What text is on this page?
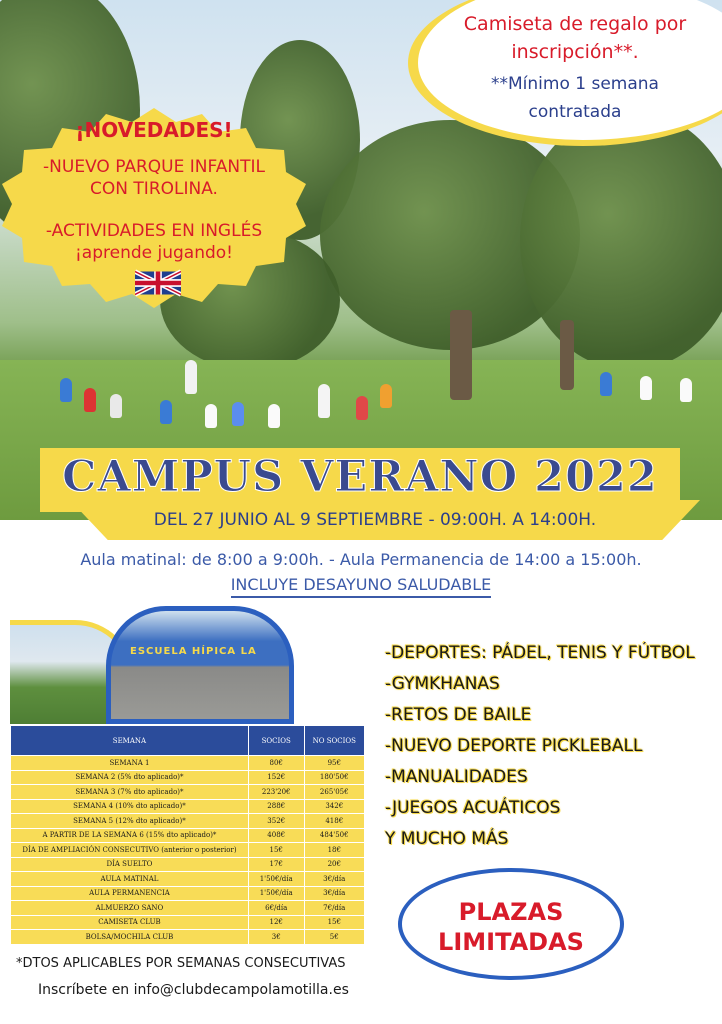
Camiseta de regalo por
inscripción**.
**Mínimo 1 semana
contratada
¡NOVEDADES!
-NUEVO PARQUE INFANTIL
CON TIROLINA.
-ACTIVIDADES EN INGLÉS
¡aprende jugando!
CAMPUS VERANO 2022
DEL 27 JUNIO AL 9 SEPTIEMBRE - 09:00H. A 14:00H.
Aula matinal: de 8:00 a 9:00h. - Aula Permanencia de 14:00 a 15:00h.
INCLUYE DESAYUNO SALUDABLE
ESCUELA HÍPICA LA
SEMANA	SOCIOS	NO SOCIOS
SEMANA 1	80€	95€
SEMANA 2 (5% dto aplicado)*	152€	180'50€
SEMANA 3 (7% dto aplicado)*	223'20€	265'05€
SEMANA 4 (10% dto aplicado)*	288€	342€
SEMANA 5 (12% dto aplicado)*	352€	418€
A PARTIR DE LA SEMANA 6 (15% dto aplicado)*	408€	484'50€
DÍA DE AMPLIACIÓN CONSECUTIVO (anterior o posterior)	15€	18€
DÍA SUELTO	17€	20€
AULA MATINAL	1'50€/día	3€/día
AULA PERMANENCIA	1'50€/día	3€/día
ALMUERZO SANO	6€/día	7€/día
CAMISETA CLUB	12€	15€
BOLSA/MOCHILA CLUB	3€	5€
*DTOS APLICABLES POR SEMANAS CONSECUTIVAS
Inscríbete en info@clubdecampolamotilla.es
-DEPORTES: PÁDEL, TENIS Y FÚTBOL
-GYMKHANAS
-RETOS DE BAILE
-NUEVO DEPORTE PICKLEBALL
-MANUALIDADES
-JUEGOS ACUÁTICOS
Y MUCHO MÁS
PLAZAS
LIMITADAS
